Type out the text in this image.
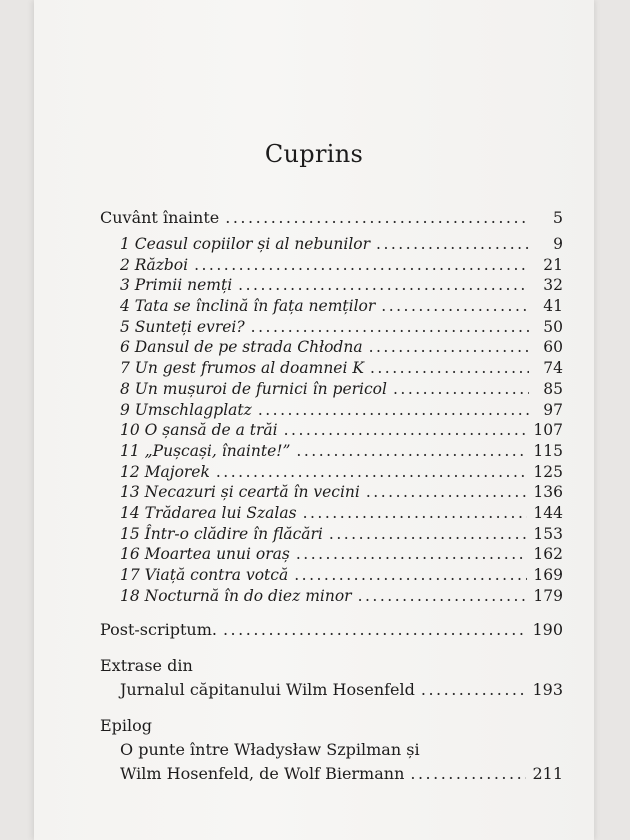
Cuprins
Cuvânt înainte .....	5
1 Ceasul copiilor și al nebunilor .....	9
2 Război .....	21
3 Primii nemți .....	32
4 Tata se înclină în fața nemților .....	41
5 Sunteți evrei? .....	50
6 Dansul de pe strada Chłodna .....	60
7 Un gest frumos al doamnei K .....	74
8 Un mușuroi de furnici în pericol .....	85
9 Umschlagplatz .....	97
10 O șansă de a trăi .....	107
11 „Pușcași, înainte!” .....	115
12 Majorek .....	125
13 Necazuri și ceartă în vecini .....	136
14 Trădarea lui Szalas .....	144
15 Într-o clădire în flăcări .....	153
16 Moartea unui oraș .....	162
17 Viață contra votcă .....	169
18 Nocturnă în do diez minor .....	179
Post-scriptum. .....	190
Extrase din
Jurnalul căpitanului Wilm Hosenfeld .....	193
Epilog
O punte între Władysław Szpilman și
Wilm Hosenfeld, de Wolf Biermann .....	211
